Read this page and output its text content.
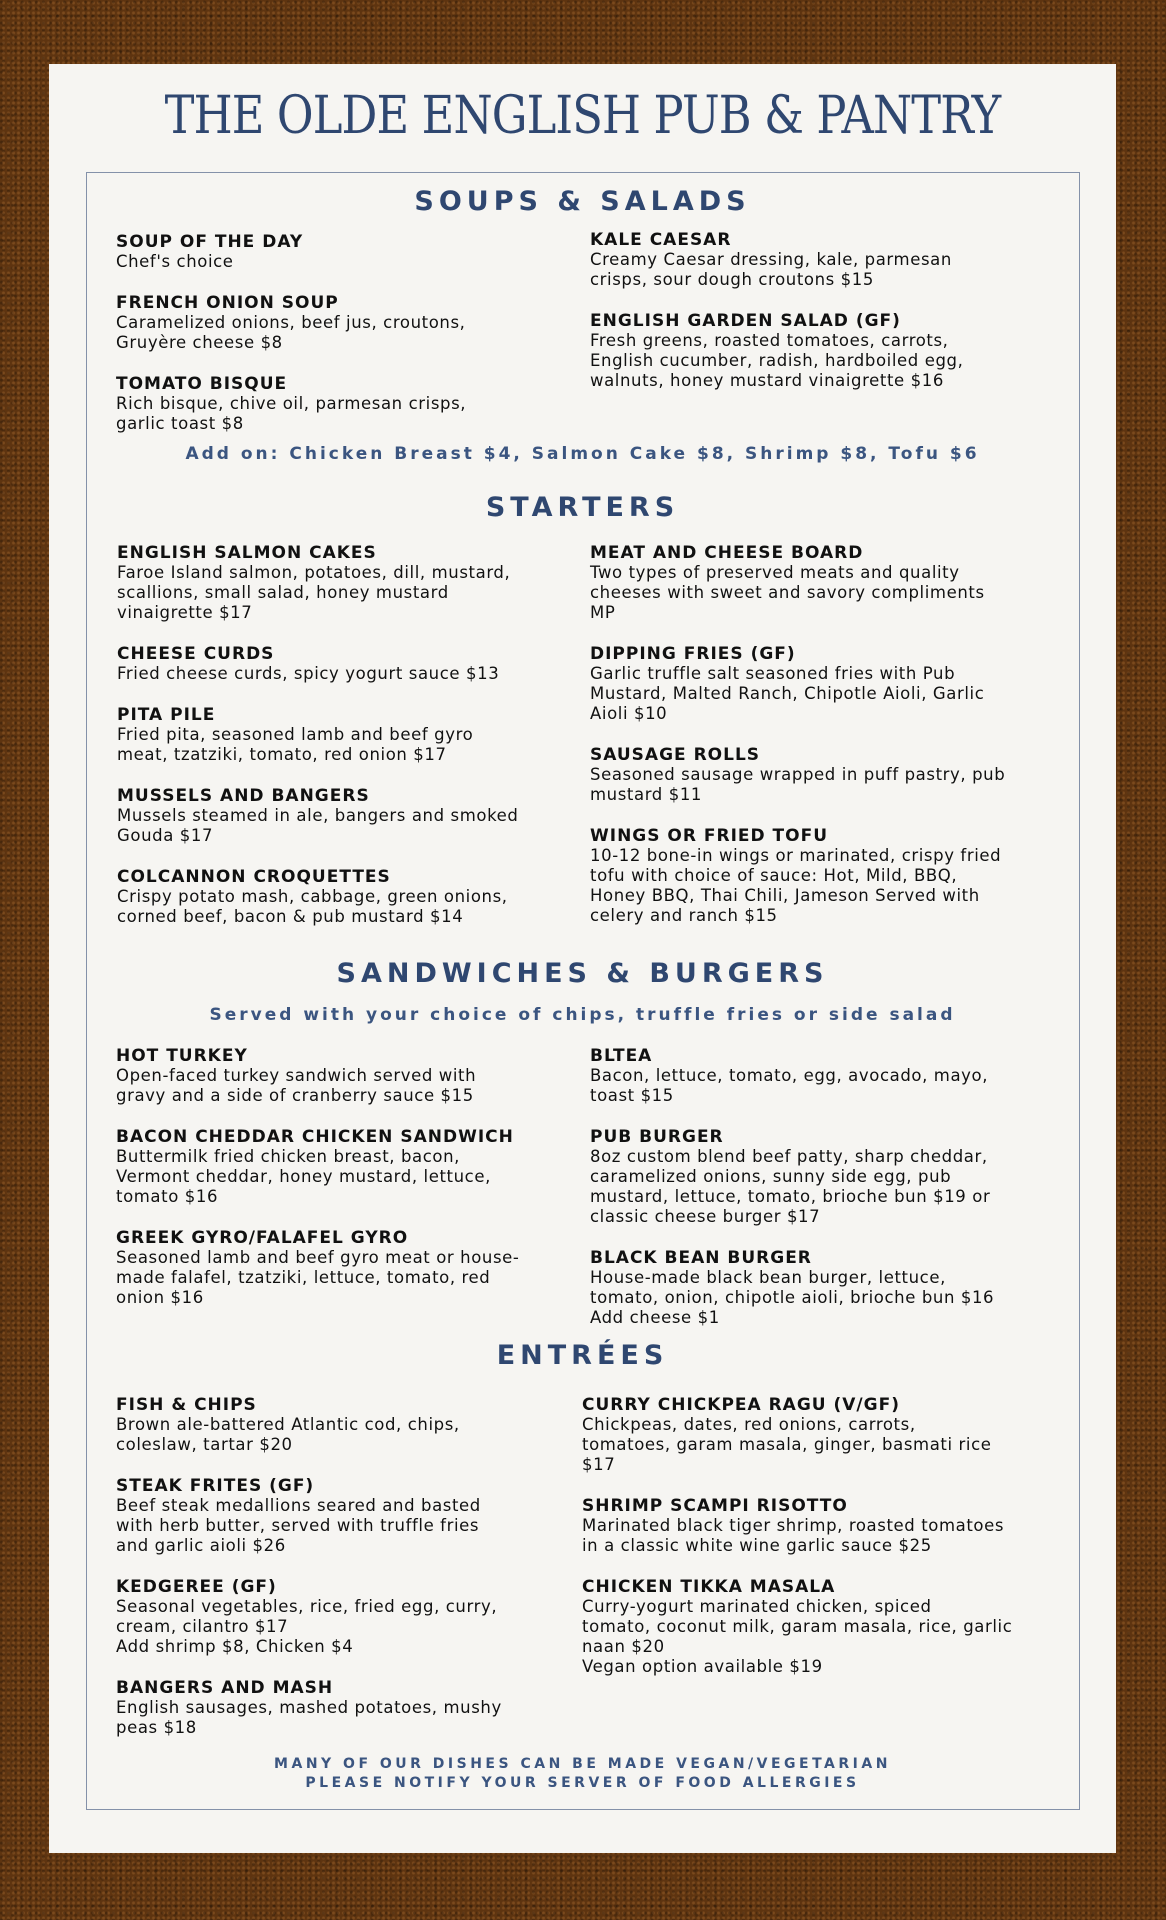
THE OLDE ENGLISH PUB & PANTRY
SOUPS & SALADS
SOUP OF THE DAY
Chef's choice
FRENCH ONION SOUP
Caramelized onions, beef jus, croutons,
Gruyère cheese $8
TOMATO BISQUE
Rich bisque, chive oil, parmesan crisps,
garlic toast $8
KALE CAESAR
Creamy Caesar dressing, kale, parmesan
crisps, sour dough croutons $15
ENGLISH GARDEN SALAD (GF)
Fresh greens, roasted tomatoes, carrots,
English cucumber, radish, hardboiled egg,
walnuts, honey mustard vinaigrette $16
Add on: Chicken Breast $4, Salmon Cake $8, Shrimp $8, Tofu $6
STARTERS
ENGLISH SALMON CAKES
Faroe Island salmon, potatoes, dill, mustard,
scallions, small salad, honey mustard
vinaigrette $17
CHEESE CURDS
Fried cheese curds, spicy yogurt sauce $13
PITA PILE
Fried pita, seasoned lamb and beef gyro
meat, tzatziki, tomato, red onion $17
MUSSELS AND BANGERS
Mussels steamed in ale, bangers and smoked
Gouda $17
COLCANNON CROQUETTES
Crispy potato mash, cabbage, green onions,
corned beef, bacon & pub mustard $14
MEAT AND CHEESE BOARD
Two types of preserved meats and quality
cheeses with sweet and savory compliments
MP
DIPPING FRIES (GF)
Garlic truffle salt seasoned fries with Pub
Mustard, Malted Ranch, Chipotle Aioli, Garlic
Aioli $10
SAUSAGE ROLLS
Seasoned sausage wrapped in puff pastry, pub
mustard $11
WINGS OR FRIED TOFU
10-12 bone-in wings or marinated, crispy fried
tofu with choice of sauce: Hot, Mild, BBQ,
Honey BBQ, Thai Chili, Jameson Served with
celery and ranch $15
SANDWICHES & BURGERS
Served with your choice of chips, truffle fries or side salad
HOT TURKEY
Open-faced turkey sandwich served with
gravy and a side of cranberry sauce $15
BACON CHEDDAR CHICKEN SANDWICH
Buttermilk fried chicken breast, bacon,
Vermont cheddar, honey mustard, lettuce,
tomato $16
GREEK GYRO/FALAFEL GYRO
Seasoned lamb and beef gyro meat or house-
made falafel, tzatziki, lettuce, tomato, red
onion $16
BLTEA
Bacon, lettuce, tomato, egg, avocado, mayo,
toast $15
PUB BURGER
8oz custom blend beef patty, sharp cheddar,
caramelized onions, sunny side egg, pub
mustard, lettuce, tomato, brioche bun $19 or
classic cheese burger $17
BLACK BEAN BURGER
House-made black bean burger, lettuce,
tomato, onion, chipotle aioli, brioche bun $16
Add cheese $1
ENTRÉES
FISH & CHIPS
Brown ale-battered Atlantic cod, chips,
coleslaw, tartar $20
STEAK FRITES (GF)
Beef steak medallions seared and basted
with herb butter, served with truffle fries
and garlic aioli $26
KEDGEREE (GF)
Seasonal vegetables, rice, fried egg, curry,
cream, cilantro $17
Add shrimp $8, Chicken $4
BANGERS AND MASH
English sausages, mashed potatoes, mushy
peas $18
CURRY CHICKPEA RAGU (V/GF)
Chickpeas, dates, red onions, carrots,
tomatoes, garam masala, ginger, basmati rice
$17
SHRIMP SCAMPI RISOTTO
Marinated black tiger shrimp, roasted tomatoes
in a classic white wine garlic sauce $25
CHICKEN TIKKA MASALA
Curry-yogurt marinated chicken, spiced
tomato, coconut milk, garam masala, rice, garlic
naan $20
Vegan option available $19
MANY OF OUR DISHES CAN BE MADE VEGAN/VEGETARIAN
PLEASE NOTIFY YOUR SERVER OF FOOD ALLERGIES
